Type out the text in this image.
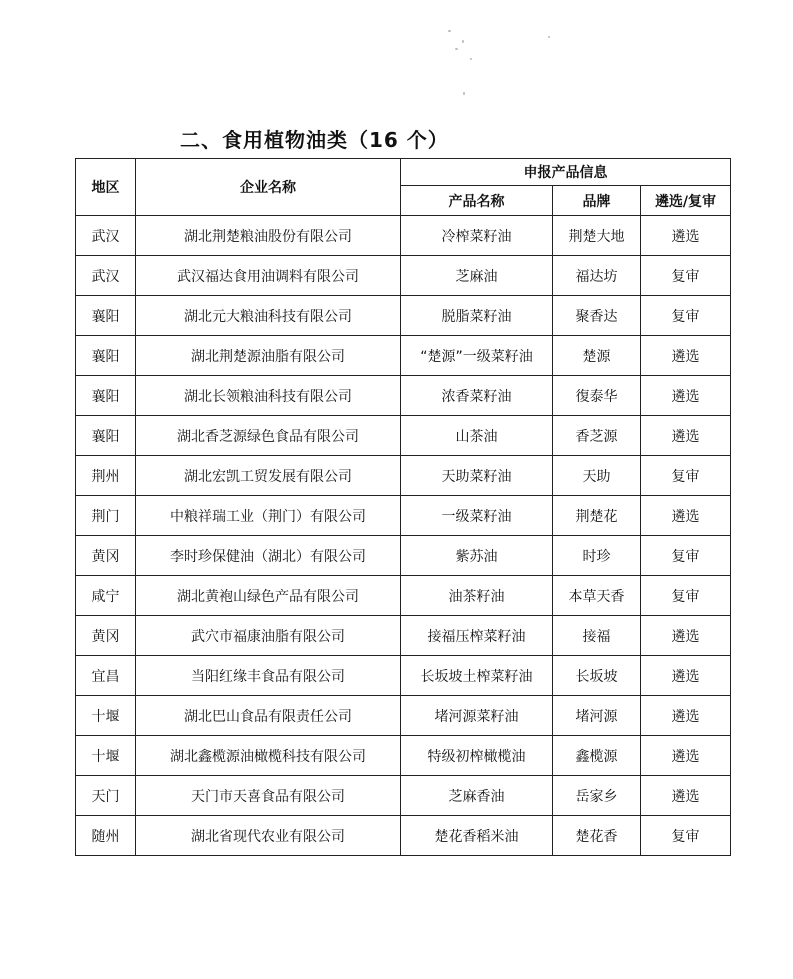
二、食用植物油类（16 个）
地区	企业名称	申报产品信息		
		产品名称	品牌	遴选/复审
武汉	湖北荆楚粮油股份有限公司	冷榨菜籽油	荆楚大地	遴选
武汉	武汉福达食用油调料有限公司	芝麻油	福达坊	复审
襄阳	湖北元大粮油科技有限公司	脱脂菜籽油	聚香达	复审
襄阳	湖北荆楚源油脂有限公司	“楚源”一级菜籽油	楚源	遴选
襄阳	湖北长领粮油科技有限公司	浓香菜籽油	復泰华	遴选
襄阳	湖北香芝源绿色食品有限公司	山茶油	香芝源	遴选
荆州	湖北宏凯工贸发展有限公司	天助菜籽油	天助	复审
荆门	中粮祥瑞工业（荆门）有限公司	一级菜籽油	荆楚花	遴选
黄冈	李时珍保健油（湖北）有限公司	紫苏油	时珍	复审
咸宁	湖北黄袍山绿色产品有限公司	油茶籽油	本草天香	复审
黄冈	武穴市福康油脂有限公司	接福压榨菜籽油	接福	遴选
宜昌	当阳红缘丰食品有限公司	长坂坡土榨菜籽油	长坂坡	遴选
十堰	湖北巴山食品有限责任公司	堵河源菜籽油	堵河源	遴选
十堰	湖北鑫榄源油橄榄科技有限公司	特级初榨橄榄油	鑫榄源	遴选
天门	天门市天喜食品有限公司	芝麻香油	岳家乡	遴选
随州	湖北省现代农业有限公司	楚花香稻米油	楚花香	复审
